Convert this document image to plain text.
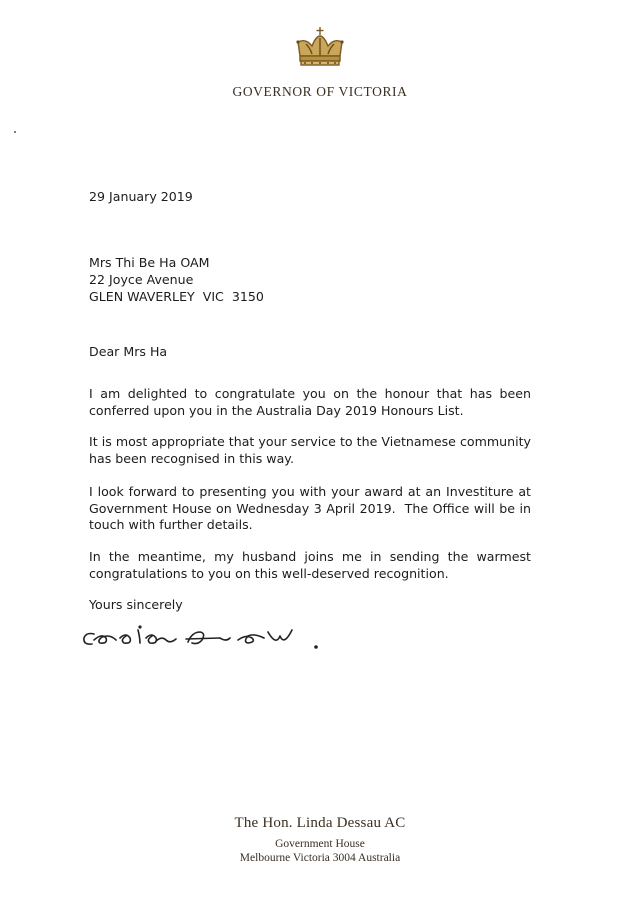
GOVERNOR OF VICTORIA
29 January 2019
Mrs Thi Be Ha OAM
22 Joyce Avenue
GLEN WAVERLEY  VIC  3150
Dear Mrs Ha
I am delighted to congratulate you on the honour that has been conferred upon you in the Australia Day 2019 Honours List.
It is most appropriate that your service to the Vietnamese community has been recognised in this way.
I look forward to presenting you with your award at an Investiture at Government House on Wednesday 3 April 2019.  The Office will be in touch with further details.
In the meantime, my husband joins me in sending the warmest congratulations to you on this well-deserved recognition.
Yours sincerely
The Hon. Linda Dessau AC
Government House
Melbourne Victoria 3004 Australia
